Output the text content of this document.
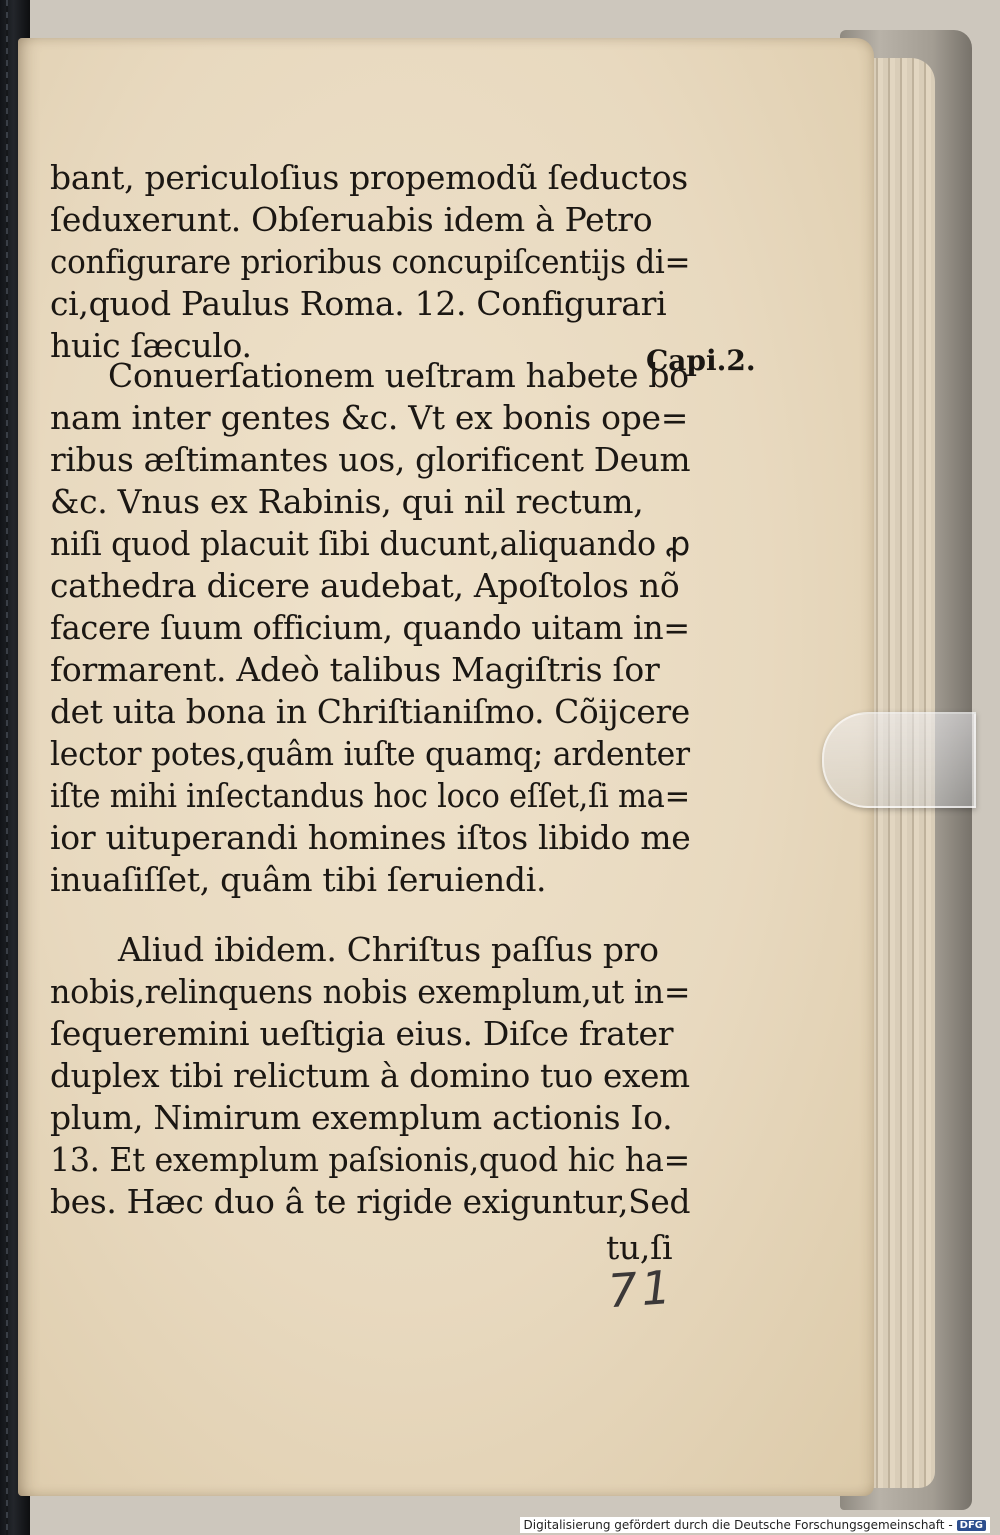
bant, periculoſius propemodũ ſeductos
ſeduxerunt. Obſeruabis idem à Petro
configurare prioribus concupiſcentijs di=
ci,quod Paulus Roma. 12. Configurari
huic ſæculo.
Conuerſationem ueſtram habete bo
nam inter gentes &c. Vt ex bonis ope=
ribus æſtimantes uos, glorificent Deum
&c. Vnus ex Rabinis, qui nil rectum,
niſi quod placuit ſibi ducunt,aliquando ꝓ
cathedra dicere audebat, Apoſtolos nõ
facere ſuum officium, quando uitam in=
formarent. Adeò talibus Magiſtris ſor
det uita bona in Chriſtianiſmo. Cõijcere
lector potes,quâm iuſte quamq; ardenter
iſte mihi inſectandus hoc loco eſſet,ſi ma=
ior uituperandi homines iſtos libido me
inuaſiſſet, quâm tibi ſeruiendi.
Aliud ibidem. Chriſtus paſſus pro
nobis,relinquens nobis exemplum,ut in=
ſequeremini ueſtigia eius. Diſce frater
duplex tibi relictum à domino tuo exem
plum, Nimirum exemplum actionis Io.
13. Et exemplum paſsionis,quod hic ha=
bes. Hæc duo â te rigide exiguntur,Sed
tu,ſi
Capi.2.
71
Digitalisierung gefördert durch die Deutsche Forschungsgemeinschaft - DFG
